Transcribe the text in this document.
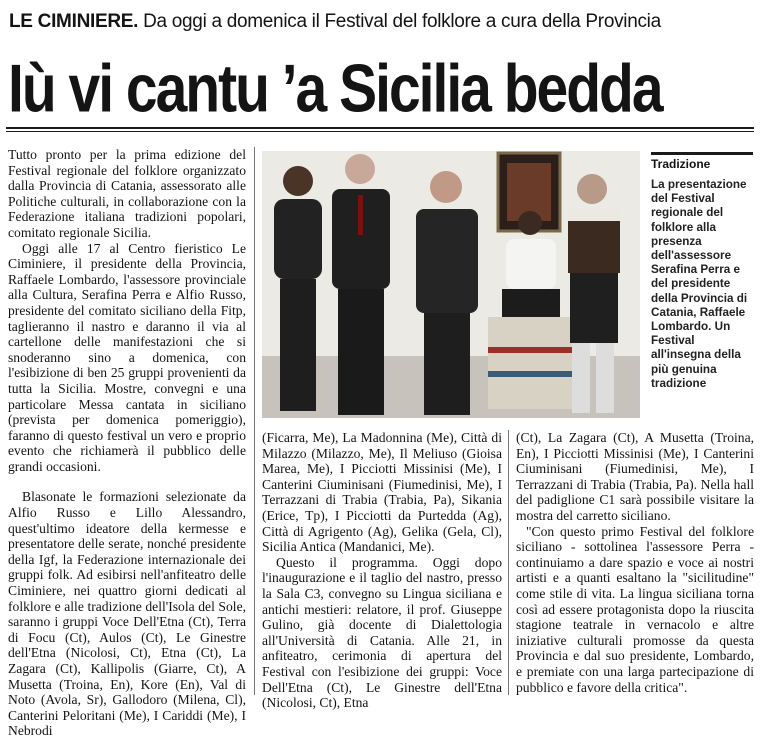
LE CIMINIERE. Da oggi a domenica il Festival del folklore a cura della Provincia
Iù vi cantu ’a Sicilia bedda

Tutto pronto per la prima edizione del Festival regionale del folklore organizzato dalla Provincia di Catania, assessorato alle Politiche culturali, in collaborazione con la Federazione italiana tradizioni popolari, comitato regionale Sicilia.

Oggi alle 17 al Centro fieristico Le Ciminiere, il presidente della Provincia, Raffaele Lombardo, l'assessore provinciale alla Cultura, Serafina Perra e Alfio Russo, presidente del comitato siciliano della Fitp, taglieranno il nastro e daranno il via al cartellone delle manifestazioni che si snoderanno sino a domenica, con l'esibizione di ben 25 gruppi provenienti da tutta la Sicilia. Mostre, convegni e una particolare Messa cantata in siciliano (prevista per domenica pomeriggio), faranno di questo festival un vero e proprio evento che richiamerà il pubblico delle grandi occasioni.

Blasonate le formazioni selezionate da Alfio Russo e Lillo Alessandro, quest'ultimo ideatore della kermesse e presentatore delle serate, nonché presidente della Igf, la Federazione internazionale dei gruppi folk. Ad esibirsi nell'anfiteatro delle Ciminiere, nei quattro giorni dedicati al folklore e alle tradizione dell'Isola del Sole, saranno i gruppi Voce Dell'Etna (Ct), Terra di Focu (Ct), Aulos (Ct), Le Ginestre dell'Etna (Nicolosi, Ct), Etna (Ct), La Zagara (Ct), Kallipolis (Giarre, Ct), A Musetta (Troina, En), Kore (En), Val di Noto (Avola, Sr), Gallodoro (Milena, Cl), Canterini Peloritani (Me), I Cariddi (Me), I Nebrodi

Tradizione
La presentazione del Festival regionale del folklore alla presenza dell'assessore Serafina Perra e del presidente della Provincia di Catania, Raffaele Lombardo. Un Festival all'insegna della più genuina tradizione

(Ficarra, Me), La Madonnina (Me), Città di Milazzo (Milazzo, Me), Il Meliuso (Gioisa Marea, Me), I Picciotti Missinisi (Me), I Canterini Ciuminisani (Fiumedinisi, Me), I Terrazzani di Trabia (Trabia, Pa), Sikania (Erice, Tp), I Picciotti da Purtedda (Ag), Città di Agrigento (Ag), Gelika (Gela, Cl), Sicilia Antica (Mandanici, Me).

Questo il programma. Oggi dopo l'inaugurazione e il taglio del nastro, presso la Sala C3, convegno su Lingua siciliana e antichi mestieri: relatore, il prof. Giuseppe Gulino, già docente di Dialettologia all'Università di Catania. Alle 21, in anfiteatro, cerimonia di apertura del Festival con l'esibizione dei gruppi: Voce Dell'Etna (Ct), Le Ginestre dell'Etna (Nicolosi, Ct), Etna

(Ct), La Zagara (Ct), A Musetta (Troina, En), I Picciotti Missinisi (Me), I Canterini Ciuminisani (Fiumedinisi, Me), I Terrazzani di Trabia (Trabia, Pa). Nella hall del padiglione C1 sarà possibile visitare la mostra del carretto siciliano.

"Con questo primo Festival del folklore siciliano - sottolinea l'assessore Perra - continuiamo a dare spazio e voce ai nostri artisti e a quanti esaltano la "sicilitudine" come stile di vita. La lingua siciliana torna così ad essere protagonista dopo la riuscita stagione teatrale in vernacolo e altre iniziative culturali promosse da questa Provincia e dal suo presidente, Lombardo, e premiate con una larga partecipazione di pubblico e favore della critica".
